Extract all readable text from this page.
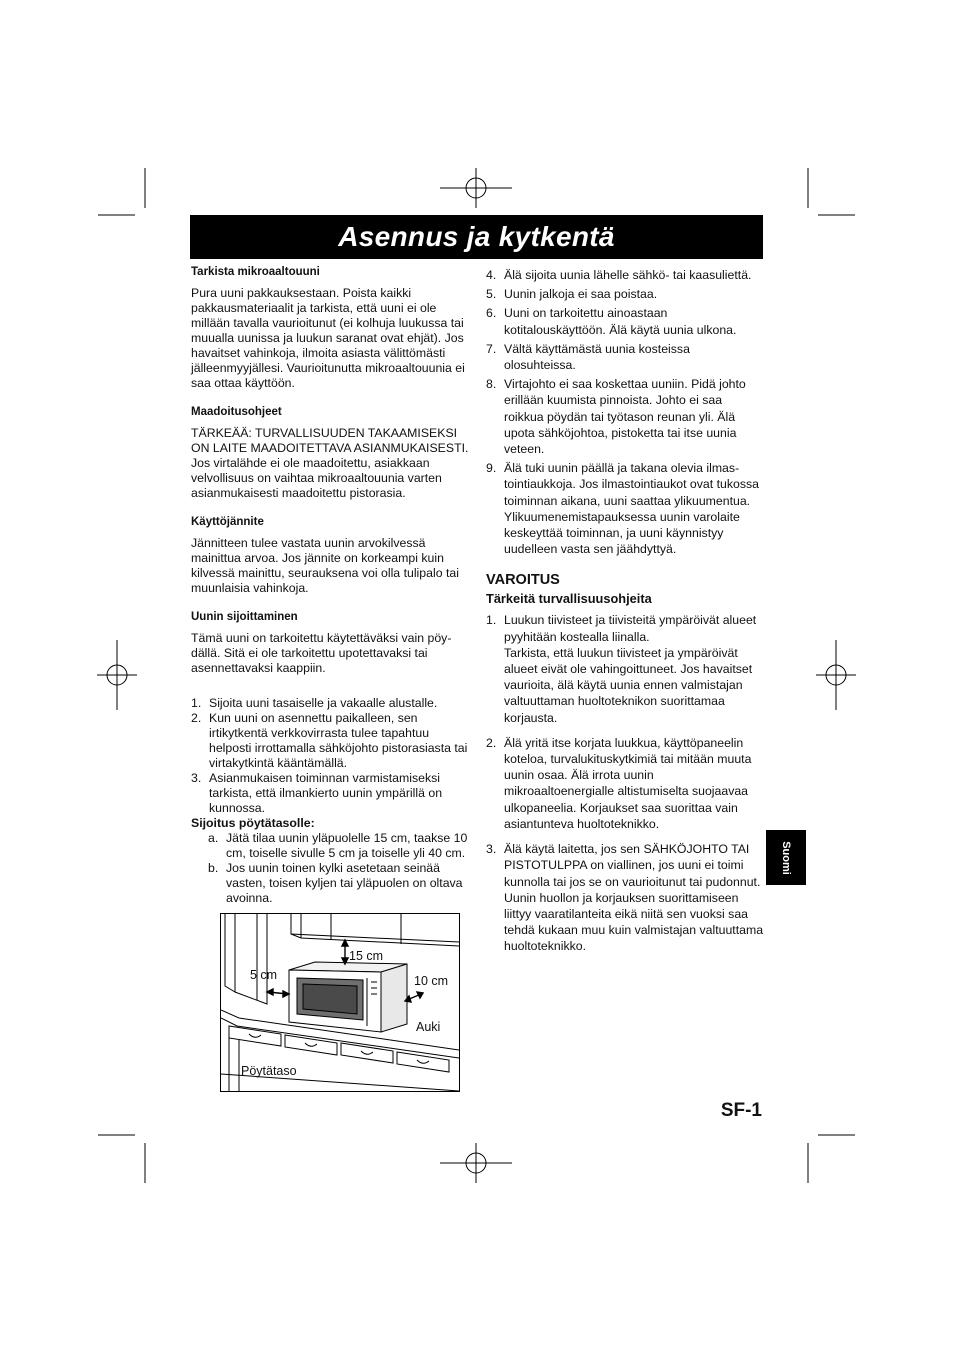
Asennus ja kytkentä

Tarkista mikroaaltouuni

Pura uuni pakkauksestaan. Poista kaikki pakkausmateriaalit ja tarkista, että uuni ei ole millään tavalla vaurioitunut (ei kolhuja luukussa tai muualla uunissa ja luukun saranat ovat ehjät). Jos havaitset vahinkoja, ilmoita asiasta välittömästi jälleenmyyjällesi. Vaurioitunutta mikroaaltouunia ei saa ottaa käyttöön.

Maadoitusohjeet

TÄRKEÄÄ: TURVALLISUUDEN TAKAAMISEKSI ON LAITE MAADOITETTAVA ASIANMUKAISESTI.

Jos virtalähde ei ole maadoitettu, asiakkaan velvollisuus on vaihtaa mikroaaltouunia varten asianmukaisesti maadoitettu pistorasia.

Käyttöjännite

Jännitteen tulee vastata uunin arvokilvessä mainittua arvoa. Jos jännite on korkeampi kuin kilvessä mainittu, seurauksena voi olla tulipalo tai muunlaisia vahinkoja.

Uunin sijoittaminen

Tämä uuni on tarkoitettu käytettäväksi vain pöy-dällä. Sitä ei ole tarkoitettu upotettavaksi tai asennettavaksi kaappiin.

1. Sijoita uuni tasaiselle ja vakaalle alustalle.
2. Kun uuni on asennettu paikalleen, sen irtikytkentä verkkovirrasta tulee tapahtuu helposti irrottamalla sähköjohto pistorasiasta tai virtakytkintä kääntämällä.
3. Asianmukaisen toiminnan varmistamiseksi tarkista, että ilmankierto uunin ympärillä on kunnossa.

Sijoitus pöytätasolle:

a. Jätä tilaa uunin yläpuolelle 15 cm, taakse 10 cm, toiselle sivulle 5 cm ja toiselle yli 40 cm.
b. Jos uunin toinen kylki asetetaan seinää vasten, toisen kyljen tai yläpuolen on oltava avoinna.
15 cm
5 cm	10 cm
Auki
Pöytätaso
4. Älä sijoita uunia lähelle sähkö- tai kaasuliettä.
5. Uunin jalkoja ei saa poistaa.
6. Uuni on tarkoitettu ainoastaan kotitalouskäyttöön. Älä käytä uunia ulkona.
7. Vältä käyttämästä uunia kosteissa olosuhteissa.
8. Virtajohto ei saa koskettaa uuniin. Pidä johto erillään kuumista pinnoista. Johto ei saa roikkua pöydän tai työtason reunan yli. Älä upota sähköjohtoa, pistoketta tai itse uunia veteen.
9. Älä tuki uunin päällä ja takana olevia ilmas-tointiaukkoja. Jos ilmastointiaukot ovat tukossa toiminnan aikana, uuni saattaa ylikuumentua. Ylikuumenemistapauksessa uunin varolaite keskeyttää toiminnan, ja uuni käynnistyy uudelleen vasta sen jäähdyttyä.

VAROITUS

Tärkeitä turvallisuusohjeita

1. Luukun tiivisteet ja tiivisteitä ympäröivät alueet pyyhitään kostealla liinalla.
Tarkista, että luukun tiivisteet ja ympäröivät alueet eivät ole vahingoittuneet. Jos havaitset vaurioita, älä käytä uunia ennen valmistajan valtuuttaman huoltoteknikon suorittamaa korjausta.
2. Älä yritä itse korjata luukkua, käyttöpaneelin koteloa, turvalukituskytkimiä tai mitään muuta uunin osaa. Älä irrota uunin mikroaaltoenergialle altistumiselta suojaavaa ulkopaneelia. Korjaukset saa suorittaa vain asiantunteva huoltoteknikko.
3. Älä käytä laitetta, jos sen SÄHKÖJOHTO TAI PISTOTULPPA on viallinen, jos uuni ei toimi kunnolla tai jos se on vaurioitunut tai pudonnut. Uunin huollon ja korjauksen suorittamiseen liittyy vaaratilanteita eikä niitä sen vuoksi saa tehdä kukaan muu kuin valmistajan valtuuttama huoltoteknikko.
Suomi
SF-1
